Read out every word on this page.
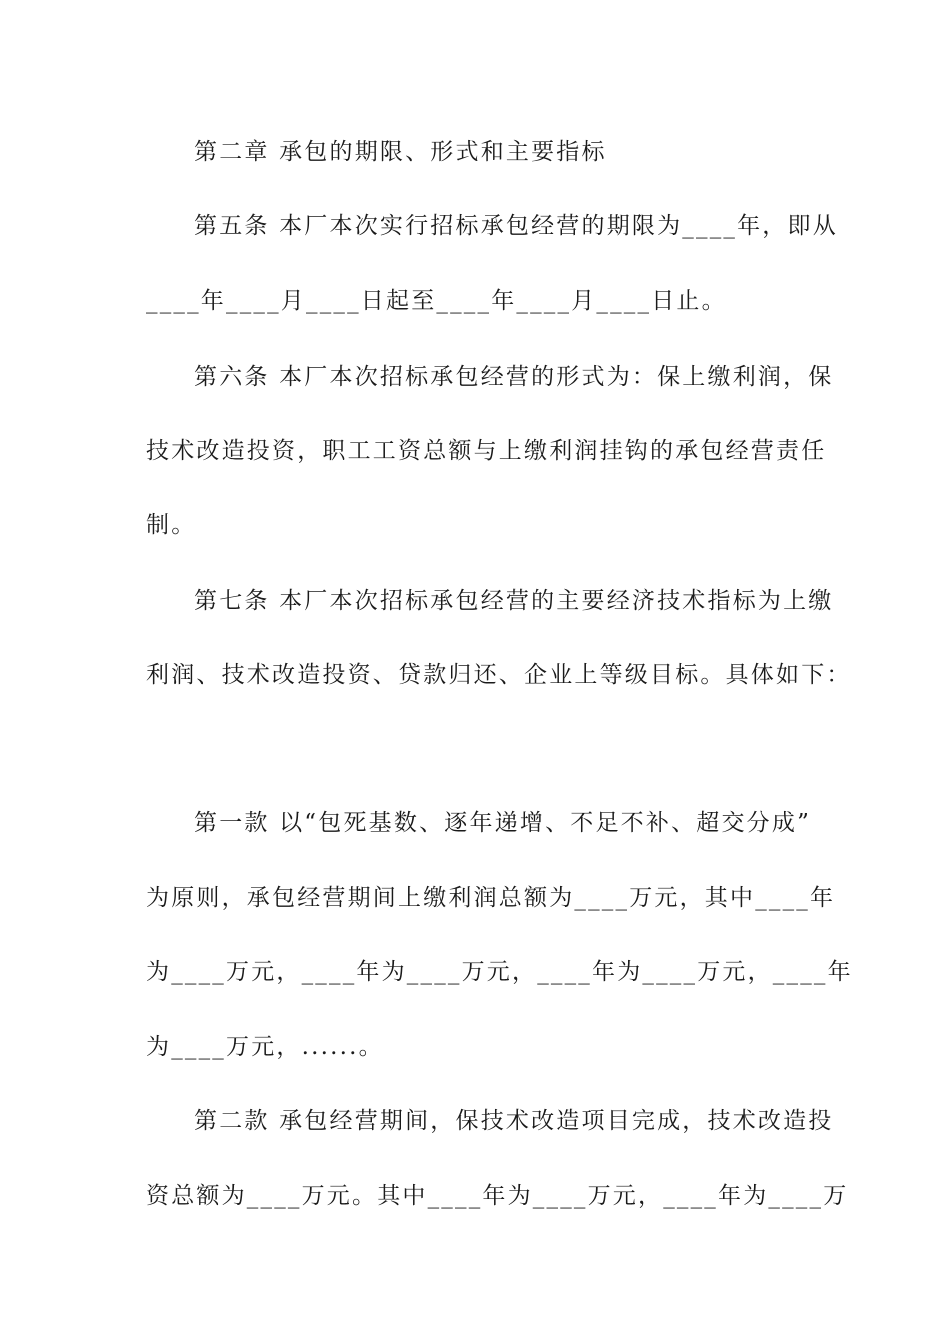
第二章 承包的期限、形式和主要指标
第五条 本厂本次实行招标承包经营的期限为____年，即从
____年____月____日起至____年____月____日止。
第六条 本厂本次招标承包经营的形式为：保上缴利润，保
技术改造投资，职工工资总额与上缴利润挂钩的承包经营责任
制。
第七条 本厂本次招标承包经营的主要经济技术指标为上缴
利润、技术改造投资、贷款归还、企业上等级目标。具体如下：
第一款 以“包死基数、逐年递增、不足不补、超交分成”
为原则，承包经营期间上缴利润总额为____万元，其中____年
为____万元，____年为____万元，____年为____万元，____年
为____万元，......。
第二款 承包经营期间，保技术改造项目完成，技术改造投
资总额为____万元。其中____年为____万元，____年为____万
